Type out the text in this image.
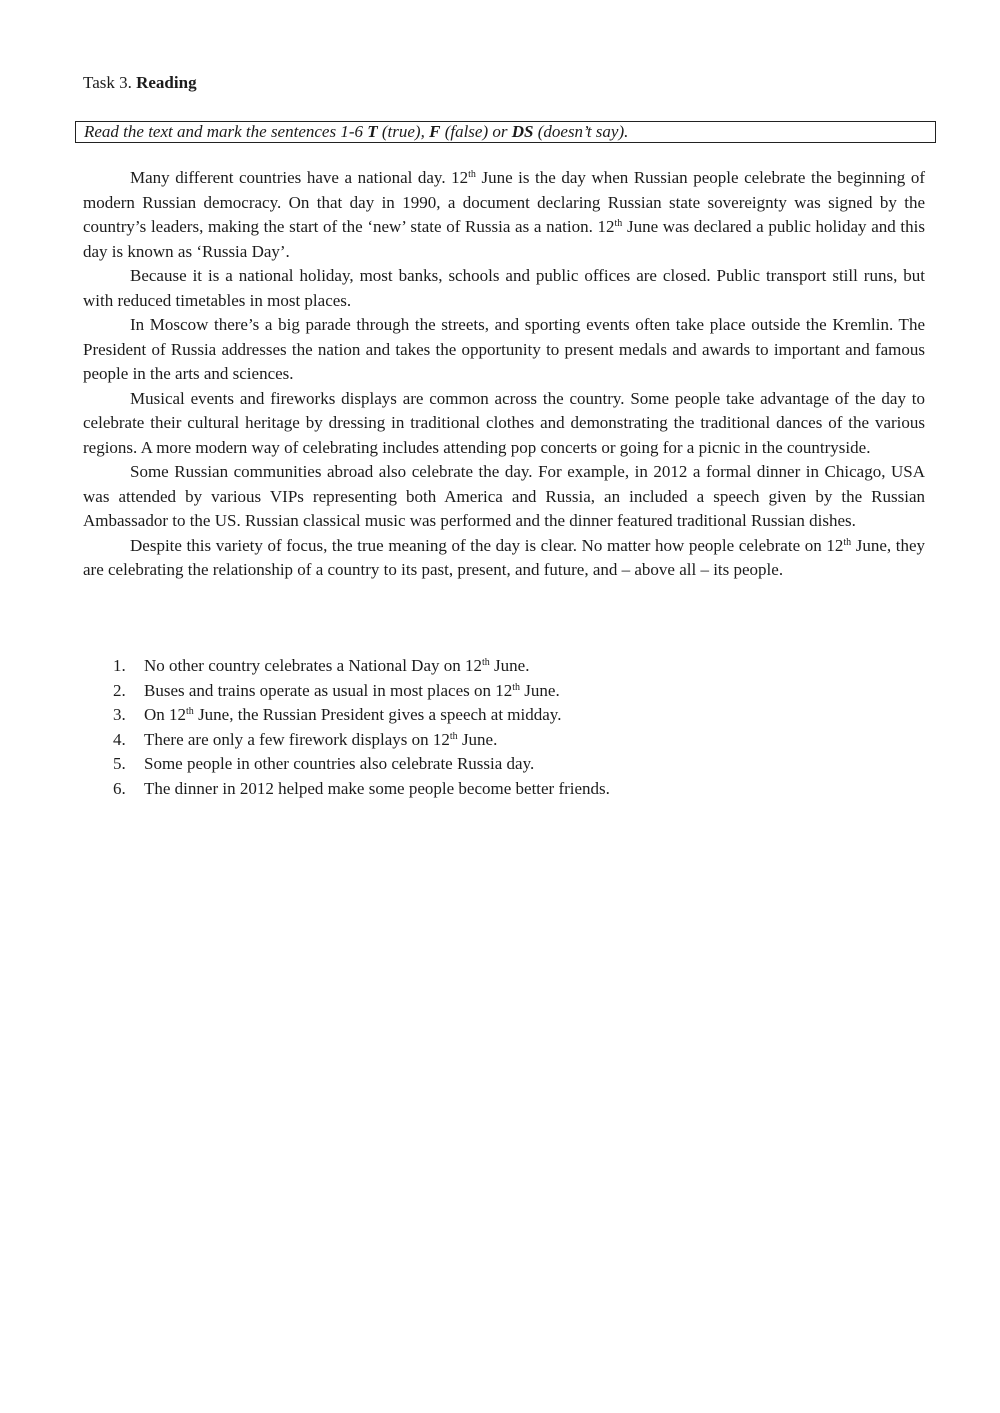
Task 3. Reading
Read the text and mark the sentences 1-6 T (true), F (false) or DS (doesn’t say).

Many different countries have a national day. 12th June is the day when Russian people celebrate the beginning of modern Russian democracy. On that day in 1990, a document declaring Russian state sovereignty was signed by the country’s leaders, making the start of the ‘new’ state of Russia as a nation. 12th June was declared a public holiday and this day is known as ‘Russia Day’.

Because it is a national holiday, most banks, schools and public offices are closed. Public transport still runs, but with reduced timetables in most places.

In Moscow there’s a big parade through the streets, and sporting events often take place outside the Kremlin. The President of Russia addresses the nation and takes the opportunity to present medals and awards to important and famous people in the arts and sciences.

Musical events and fireworks displays are common across the country. Some people take advantage of the day to celebrate their cultural heritage by dressing in traditional clothes and demonstrating the traditional dances of the various regions. A more modern way of celebrating includes attending pop concerts or going for a picnic in the countryside.

Some Russian communities abroad also celebrate the day. For example, in 2012 a formal dinner in Chicago, USA was attended by various VIPs representing both America and Russia, an included a speech given by the Russian Ambassador to the US. Russian classical music was performed and the dinner featured traditional Russian dishes.

Despite this variety of focus, the true meaning of the day is clear. No matter how people celebrate on 12th June, they are celebrating the relationship of a country to its past, present, and future, and – above all – its people.

1. No other country celebrates a National Day on 12th June.
2. Buses and trains operate as usual in most places on 12th June.
3. On 12th June, the Russian President gives a speech at midday.
4. There are only a few firework displays on 12th June.
5. Some people in other countries also celebrate Russia day.
6. The dinner in 2012 helped make some people become better friends.
